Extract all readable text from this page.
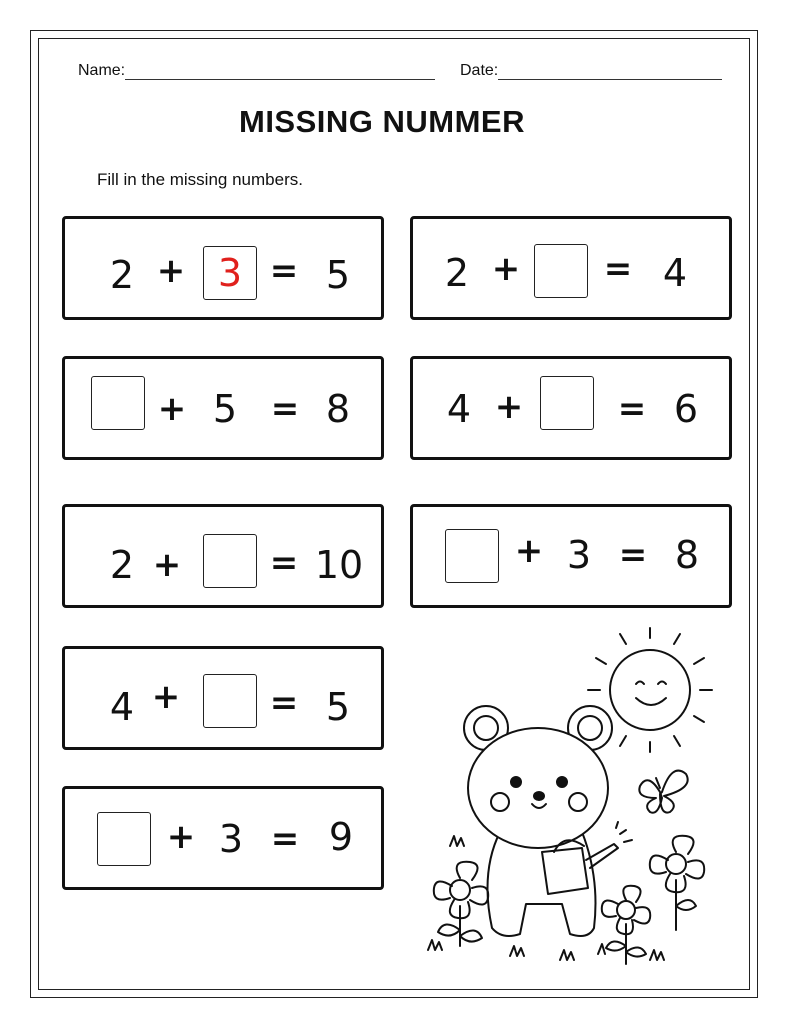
Name:	Date:
MISSING NUMMER
Fill in the missing numbers.
2 + 3 = 5 2 + = 4
+ 5 = 8	4 +	= 6
2 +	= 10	+ 3 = 8
4 +	= 5
+ 3 = 9
